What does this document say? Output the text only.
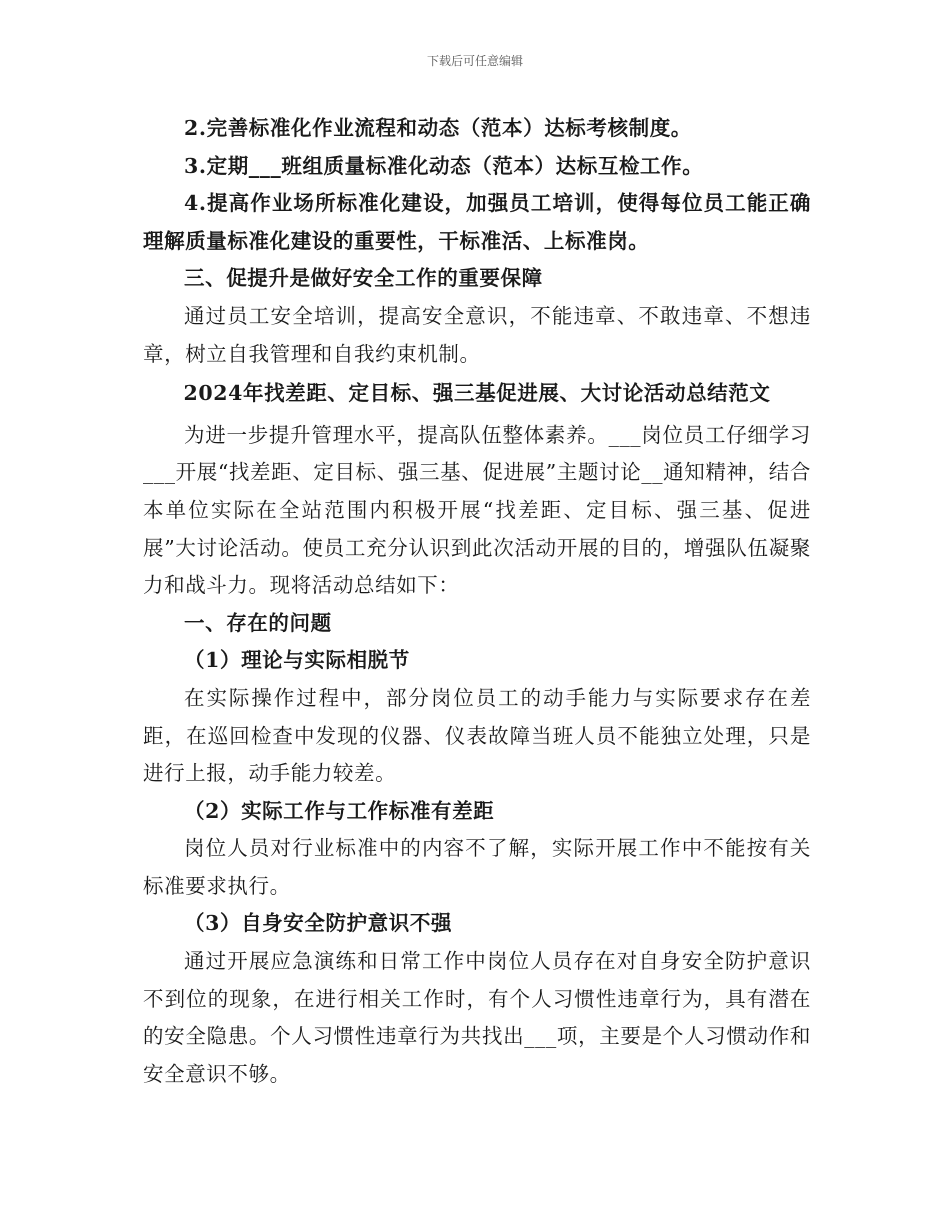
下载后可任意编辑

2.完善标准化作业流程和动态（范本）达标考核制度。

3.定期___班组质量标准化动态（范本）达标互检工作。

4.提高作业场所标准化建设，加强员工培训，使得每位员工能正确理解质量标准化建设的重要性，干标准活、上标准岗。

三、促提升是做好安全工作的重要保障

通过员工安全培训，提高安全意识，不能违章、不敢违章、不想违章，树立自我管理和自我约束机制。

2024年找差距、定目标、强三基促进展、大讨论活动总结范文

为进一步提升管理水平，提高队伍整体素养。___岗位员工仔细学习___开展“找差距、定目标、强三基、促进展”主题讨论__通知精神，结合本单位实际在全站范围内积极开展“找差距、定目标、强三基、促进展”大讨论活动。使员工充分认识到此次活动开展的目的，增强队伍凝聚力和战斗力。现将活动总结如下：

一、存在的问题

（1）理论与实际相脱节

在实际操作过程中，部分岗位员工的动手能力与实际要求存在差距，在巡回检查中发现的仪器、仪表故障当班人员不能独立处理，只是进行上报，动手能力较差。

（2）实际工作与工作标准有差距

岗位人员对行业标准中的内容不了解，实际开展工作中不能按有关标准要求执行。

（3）自身安全防护意识不强

通过开展应急演练和日常工作中岗位人员存在对自身安全防护意识不到位的现象，在进行相关工作时，有个人习惯性违章行为，具有潜在的安全隐患。个人习惯性违章行为共找出___项，主要是个人习惯动作和安全意识不够。
